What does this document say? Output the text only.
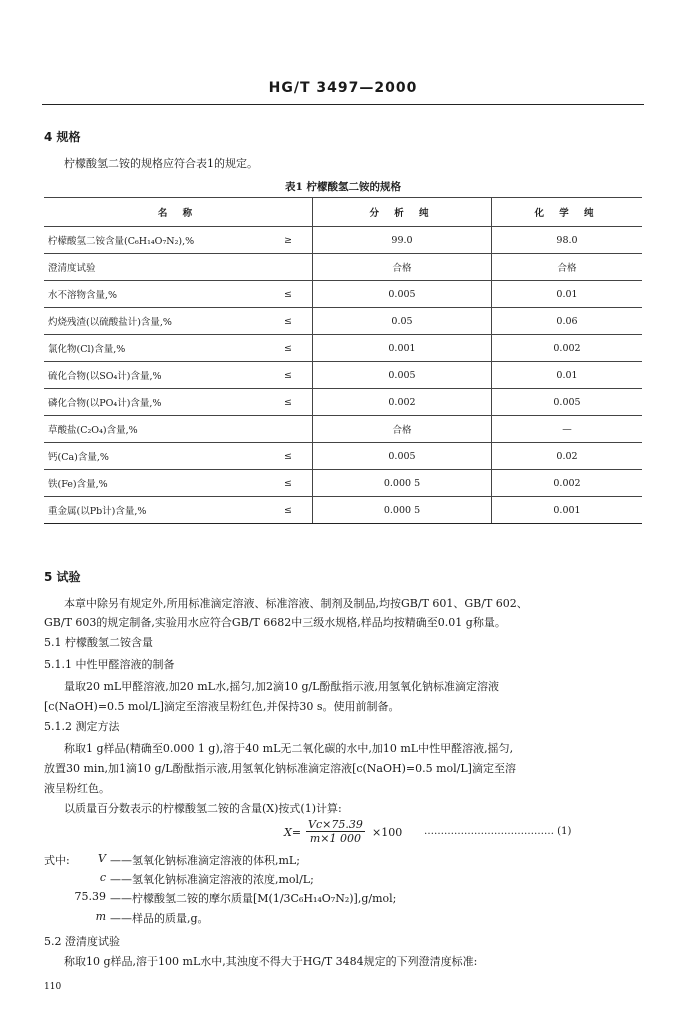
HG/T 3497—2000
4 规格
柠檬酸氢二铵的规格应符合表1的规定。
表1 柠檬酸氢二铵的规格
名 称		分 析 纯	化 学 纯
柠檬酸氢二铵含量(C₆H₁₄O₇N₂),%	≥	99.0	98.0
澄清度试验		合格	合格
水不溶物含量,%	≤	0.005	0.01
灼烧残渣(以硫酸盐计)含量,%	≤	0.05	0.06
氯化物(Cl)含量,%	≤	0.001	0.002
硫化合物(以SO₄计)含量,%	≤	0.005	0.01
磷化合物(以PO₄计)含量,%	≤	0.002	0.005
草酸盐(C₂O₄)含量,%		合格	—
钙(Ca)含量,%	≤	0.005	0.02
铁(Fe)含量,%	≤	0.000 5	0.002
重金属(以Pb计)含量,%	≤	0.000 5	0.001
5 试验
本章中除另有规定外,所用标准滴定溶液、标准溶液、制剂及制品,均按GB/T 601、GB/T 602、
GB/T 603的规定制备,实验用水应符合GB/T 6682中三级水规格,样品均按精确至0.01 g称量。
5.1 柠檬酸氢二铵含量
5.1.1 中性甲醛溶液的制备
量取20 mL甲醛溶液,加20 mL水,摇匀,加2滴10 g/L酚酞指示液,用氢氧化钠标准滴定溶液
[c(NaOH)=0.5 mol/L]滴定至溶液呈粉红色,并保持30 s。使用前制备。
5.1.2 测定方法
称取1 g样品(精确至0.000 1 g),溶于40 mL无二氧化碳的水中,加10 mL中性甲醛溶液,摇匀,
放置30 min,加1滴10 g/L酚酞指示液,用氢氧化钠标准滴定溶液[c(NaOH)=0.5 mol/L]滴定至溶
液呈粉红色。
以质量百分数表示的柠檬酸氢二铵的含量(X)按式(1)计算:
$X= \frac{Vc\times 75.39}{m\times 1 000} \times 100$ ………………………………… (1)
式中:	V ——氢氧化钠标准滴定溶液的体积,mL;
c ——氢氧化钠标准滴定溶液的浓度,mol/L;
75.39 ——柠檬酸氢二铵的摩尔质量[M(1/3C₆H₁₄O₇N₂)],g/mol;
m ——样品的质量,g。
5.2 澄清度试验
称取10 g样品,溶于100 mL水中,其浊度不得大于HG/T 3484规定的下列澄清度标准:
110
